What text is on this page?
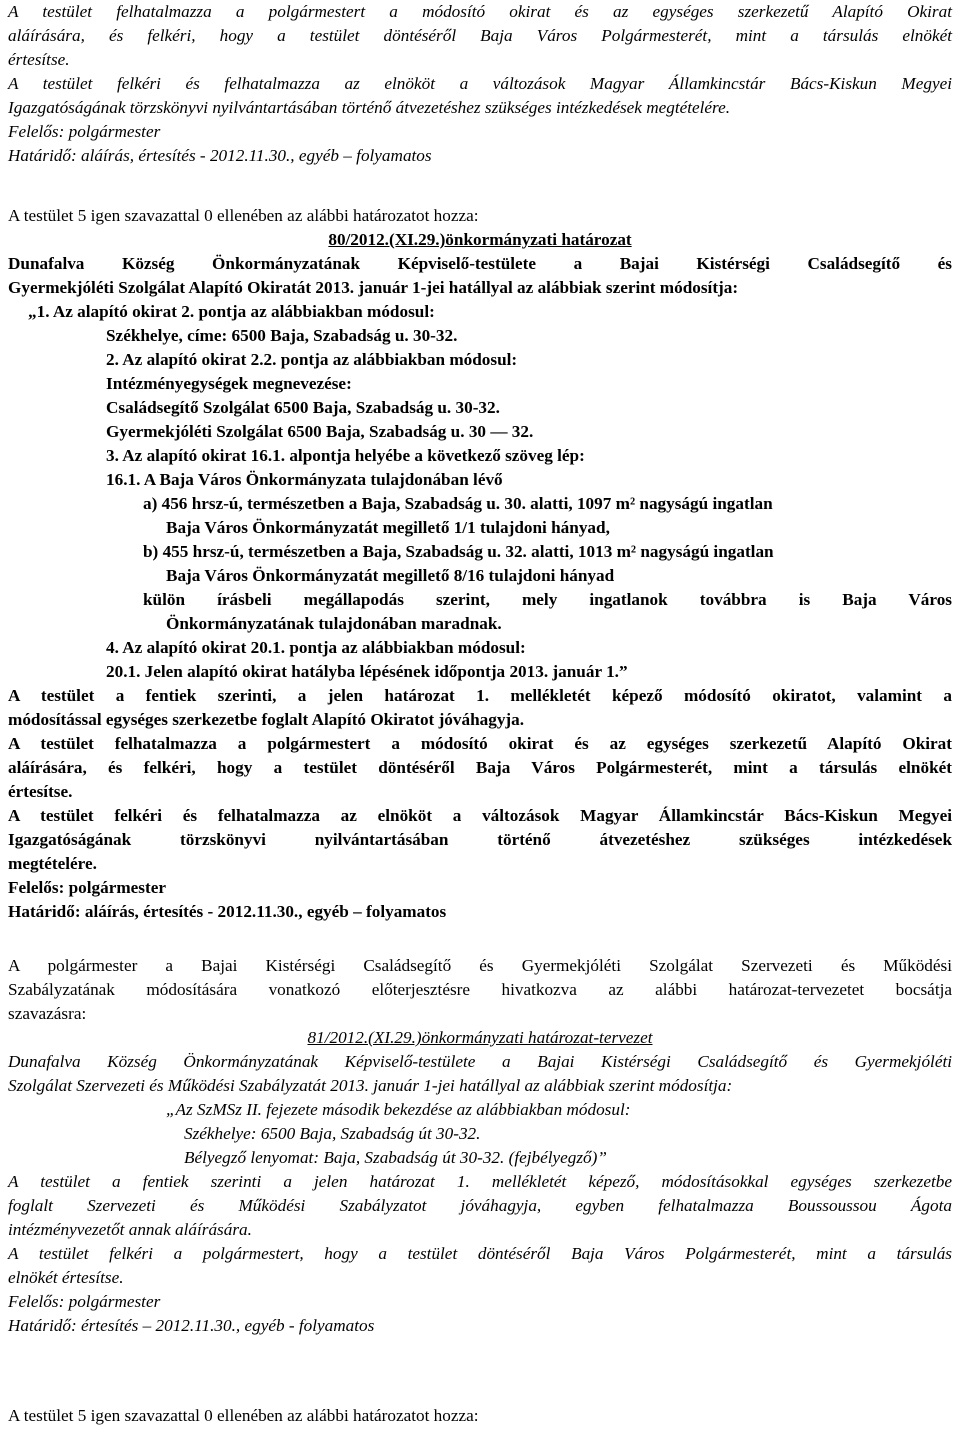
A testület felhatalmazza a polgármestert a módosító okirat és az egységes szerkezetű Alapító Okirat
aláírására, és felkéri, hogy a testület döntéséről Baja Város Polgármesterét, mint a társulás elnökét
értesítse.
A testület felkéri és felhatalmazza az elnököt a változások Magyar Államkincstár Bács-Kiskun Megyei
Igazgatóságának törzskönyvi nyilvántartásában történő átvezetéshez szükséges intézkedések megtételére.
Felelős: polgármester
Határidő: aláírás, értesítés - 2012.11.30., egyéb – folyamatos
A testület 5 igen szavazattal 0 ellenében az alábbi határozatot hozza:
80/2012.(XI.29.)önkormányzati határozat
Dunafalva Község Önkormányzatának Képviselő-testülete a Bajai Kistérségi Családsegítő és
Gyermekjóléti Szolgálat Alapító Okiratát 2013. január 1-jei hatállyal az alábbiak szerint módosítja:
„1. Az alapító okirat 2. pontja az alábbiakban módosul:
Székhelye, címe: 6500 Baja, Szabadság u. 30-32.
2. Az alapító okirat 2.2. pontja az alábbiakban módosul:
Intézményegységek megnevezése:
Családsegítő Szolgálat 6500 Baja, Szabadság u. 30-32.
Gyermekjóléti Szolgálat 6500 Baja, Szabadság u. 30 — 32.
3. Az alapító okirat 16.1. alpontja helyébe a következő szöveg lép:
16.1. A Baja Város Önkormányzata tulajdonában lévő
a) 456 hrsz-ú, természetben a Baja, Szabadság u. 30. alatti, 1097 m² nagyságú ingatlan
Baja Város Önkormányzatát megillető 1/1 tulajdoni hányad,
b) 455 hrsz-ú, természetben a Baja, Szabadság u. 32. alatti, 1013 m² nagyságú ingatlan
Baja Város Önkormányzatát megillető 8/16 tulajdoni hányad
külön írásbeli megállapodás szerint, mely ingatlanok továbbra is Baja Város
Önkormányzatának tulajdonában maradnak.
4. Az alapító okirat 20.1. pontja az alábbiakban módosul:
20.1. Jelen alapító okirat hatályba lépésének időpontja 2013. január 1.”
A testület a fentiek szerinti, a jelen határozat 1. mellékletét képező módosító okiratot, valamint a
módosítással egységes szerkezetbe foglalt Alapító Okiratot jóváhagyja.
A testület felhatalmazza a polgármestert a módosító okirat és az egységes szerkezetű Alapító Okirat
aláírására, és felkéri, hogy a testület döntéséről Baja Város Polgármesterét, mint a társulás elnökét
értesítse.
A testület felkéri és felhatalmazza az elnököt a változások Magyar Államkincstár Bács-Kiskun Megyei
Igazgatóságának törzskönyvi nyilvántartásában történő átvezetéshez szükséges intézkedések
megtételére.
Felelős: polgármester
Határidő: aláírás, értesítés - 2012.11.30., egyéb – folyamatos
A polgármester a Bajai Kistérségi Családsegítő és Gyermekjóléti Szolgálat Szervezeti és Működési
Szabályzatának módosítására vonatkozó előterjesztésre hivatkozva az alábbi határozat-tervezetet bocsátja
szavazásra:
81/2012.(XI.29.)önkormányzati határozat-tervezet
Dunafalva Község Önkormányzatának Képviselő-testülete a Bajai Kistérségi Családsegítő és Gyermekjóléti
Szolgálat Szervezeti és Működési Szabályzatát 2013. január 1-jei hatállyal az alábbiak szerint módosítja:
„Az SzMSz II. fejezete második bekezdése az alábbiakban módosul:
Székhelye: 6500 Baja, Szabadság út 30-32.
Bélyegző lenyomat: Baja, Szabadság út 30-32. (fejbélyegző)”
A testület a fentiek szerinti a jelen határozat 1. mellékletét képező, módosításokkal egységes szerkezetbe
foglalt Szervezeti és Működési Szabályzatot jóváhagyja, egyben felhatalmazza Boussoussou Ágota
intézményvezetőt annak aláírására.
A testület felkéri a polgármestert, hogy a testület döntéséről Baja Város Polgármesterét, mint a társulás
elnökét értesítse.
Felelős: polgármester
Határidő: értesítés – 2012.11.30., egyéb - folyamatos
A testület 5 igen szavazattal 0 ellenében az alábbi határozatot hozza:
